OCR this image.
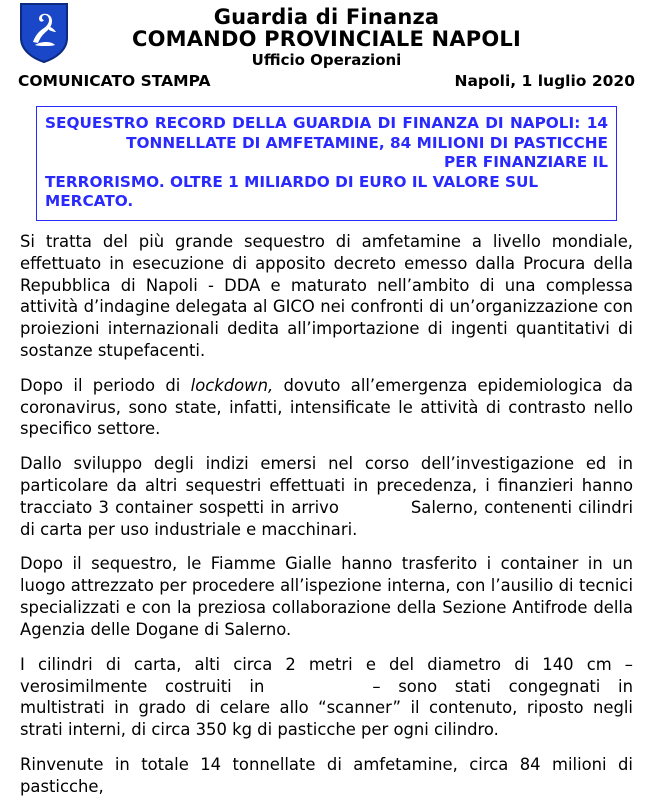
Guardia di Finanza
COMANDO PROVINCIALE NAPOLI
Ufficio Operazioni
COMUNICATO STAMPA	Napoli, 1 luglio 2020
SEQUESTRO RECORD DELLA GUARDIA DI FINANZA DI NAPOLI: 14
TONNELLATE DI AMFETAMINE, 84 MILIONI DI PASTICCHE
PER FINANZIARE IL
TERRORISMO. OLTRE 1 MILIARDO DI EURO IL VALORE SUL MERCATO.

Si tratta del più grande sequestro di amfetamine a livello mondiale, effettuato in esecuzione di apposito decreto emesso dalla Procura della Repubblica di Napoli - DDA e maturato nell’ambito di una complessa attività d’indagine delegata al GICO nei confronti di un’organizzazione con proiezioni internazionali dedita all’importazione di ingenti quantitativi di sostanze stupefacenti.

Dopo il periodo di lockdown, dovuto all’emergenza epidemiologica da coronavirus, sono state, infatti, intensificate le attività di contrasto nello specifico settore.

Dallo sviluppo degli indizi emersi nel corso dell’investigazione ed in particolare da altri sequestri effettuati in precedenza, i finanzieri hanno tracciato 3 container sospetti in arrivo	Salerno, contenenti cilindri di carta per uso industriale e macchinari.

Dopo il sequestro, le Fiamme Gialle hanno trasferito i container in un luogo attrezzato per procedere all’ispezione interna, con l’ausilio di tecnici specializzati e con la preziosa collaborazione della Sezione Antifrode della Agenzia delle Dogane di Salerno.

I cilindri di carta, alti circa 2 metri e del diametro di 140 cm – verosimilmente costruiti in	– sono stati congegnati in multistrati in grado di celare allo “scanner” il contenuto, riposto negli strati interni, di circa 350 kg di pasticche per ogni cilindro.

Rinvenute in totale 14 tonnellate di amfetamine, circa 84 milioni di pasticche,
